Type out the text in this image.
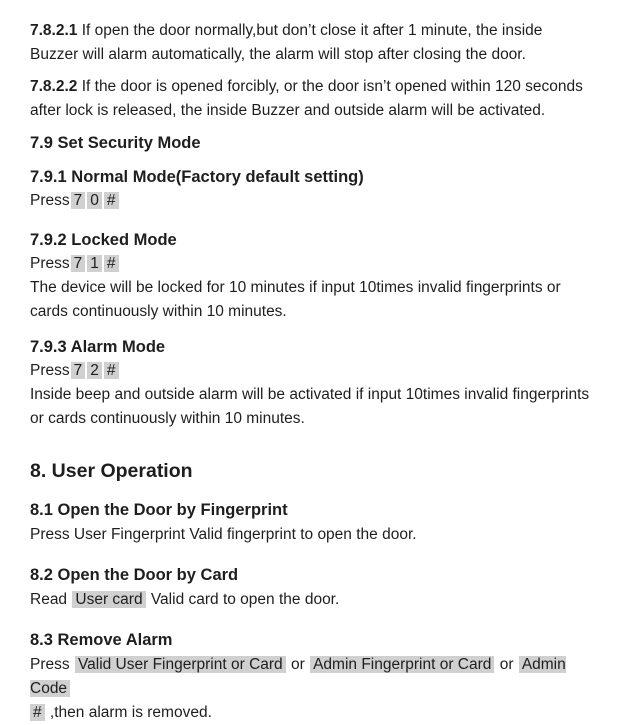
7.8.2.1 If open the door normally,but don’t close it after 1 minute, the inside

Buzzer will alarm automatically, the alarm will stop after closing the door.

7.8.2.2 If the door is opened forcibly, or the door isn’t opened within 120 seconds

after lock is released, the inside Buzzer and outside alarm will be activated.

7.9 Set Security Mode

7.9.1 Normal Mode(Factory default setting)

Press 7 0 #

7.9.2 Locked Mode

Press 7 1 #

The device will be locked for 10 minutes if input 10times invalid fingerprints or

cards continuously within 10 minutes.

7.9.3 Alarm Mode

Press 7 2 #

Inside beep and outside alarm will be activated if input 10times invalid fingerprints

or cards continuously within 10 minutes.

8. User Operation

8.1 Open the Door by Fingerprint

Press User Fingerprint Valid fingerprint to open the door.

8.2 Open the Door by Card

Read User card Valid card to open the door.

8.3 Remove Alarm

Press Valid User Fingerprint or Card or Admin Fingerprint or Card or Admin Code

# ,then alarm is removed.
